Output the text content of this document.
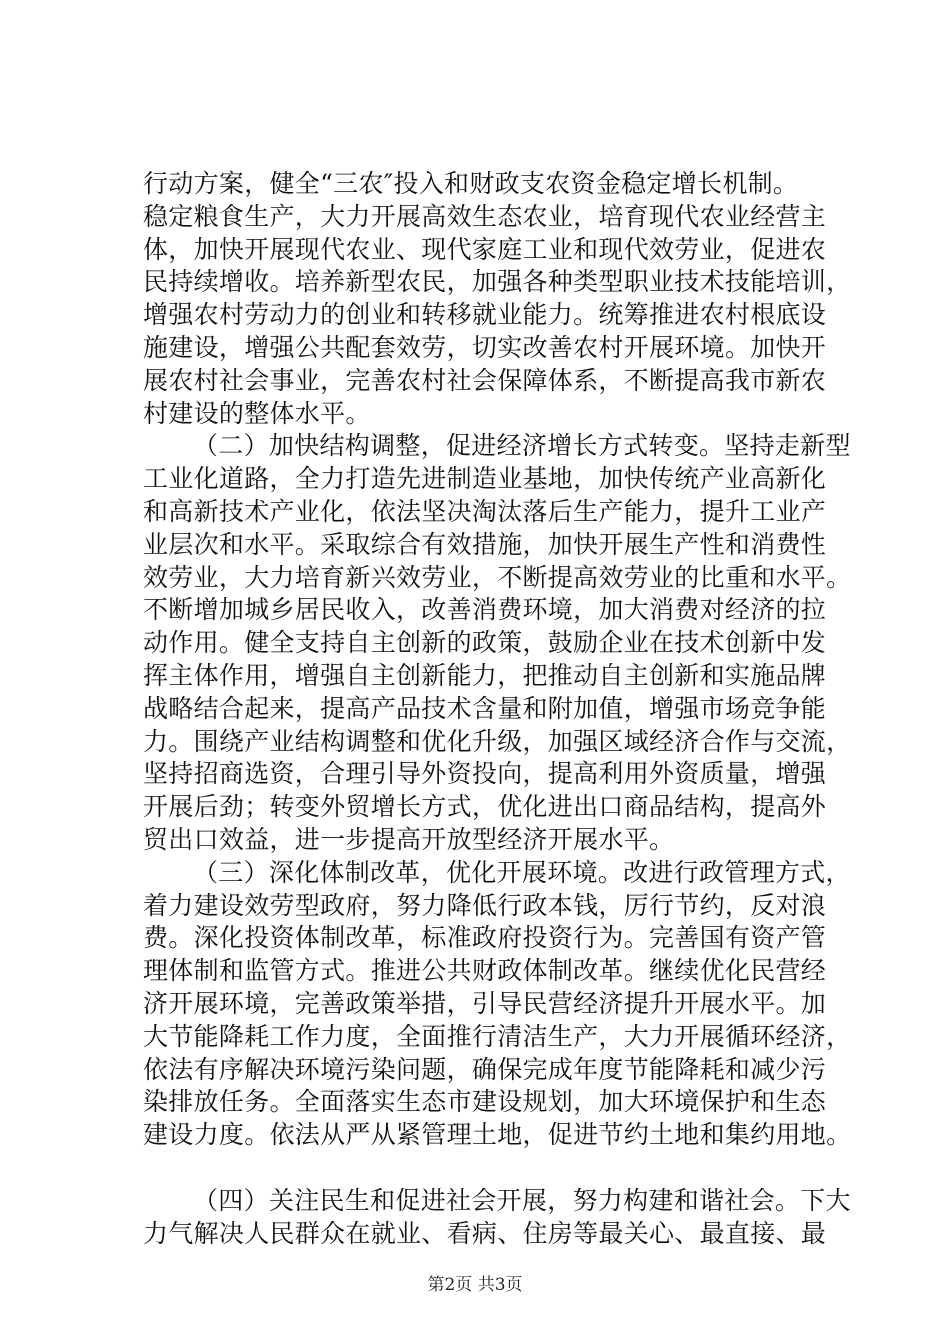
行动方案，健全“三农″投入和财政支农资金稳定增长机制。
稳定粮食生产，大力开展高效生态农业，培育现代农业经营主
体，加快开展现代农业、现代家庭工业和现代效劳业，促进农
民持续增收。培养新型农民，加强各种类型职业技术技能培训，
增强农村劳动力的创业和转移就业能力。统筹推进农村根底设
施建设，增强公共配套效劳，切实改善农村开展环境。加快开
展农村社会事业，完善农村社会保障体系，不断提高我市新农
村建设的整体水平。
（二）加快结构调整，促进经济增长方式转变。坚持走新型
工业化道路，全力打造先进制造业基地，加快传统产业高新化
和高新技术产业化，依法坚决淘汰落后生产能力，提升工业产
业层次和水平。采取综合有效措施，加快开展生产性和消费性
效劳业，大力培育新兴效劳业，不断提高效劳业的比重和水平。
不断增加城乡居民收入，改善消费环境，加大消费对经济的拉
动作用。健全支持自主创新的政策，鼓励企业在技术创新中发
挥主体作用，增强自主创新能力，把推动自主创新和实施品牌
战略结合起来，提高产品技术含量和附加值，增强市场竞争能
力。围绕产业结构调整和优化升级，加强区域经济合作与交流，
坚持招商选资，合理引导外资投向，提高利用外资质量，增强
开展后劲；转变外贸增长方式，优化进出口商品结构，提高外
贸出口效益，进一步提高开放型经济开展水平。
（三）深化体制改革，优化开展环境。改进行政管理方式，
着力建设效劳型政府，努力降低行政本钱，厉行节约，反对浪
费。深化投资体制改革，标准政府投资行为。完善国有资产管
理体制和监管方式。推进公共财政体制改革。继续优化民营经
济开展环境，完善政策举措，引导民营经济提升开展水平。加
大节能降耗工作力度，全面推行清洁生产，大力开展循环经济，
依法有序解决环境污染问题，确保完成年度节能降耗和减少污
染排放任务。全面落实生态市建设规划，加大环境保护和生态
建设力度。依法从严从紧管理土地，促进节约土地和集约用地。
（四）关注民生和促进社会开展，努力构建和谐社会。下大
力气解决人民群众在就业、看病、住房等最关心、最直接、最
第2页 共3页
